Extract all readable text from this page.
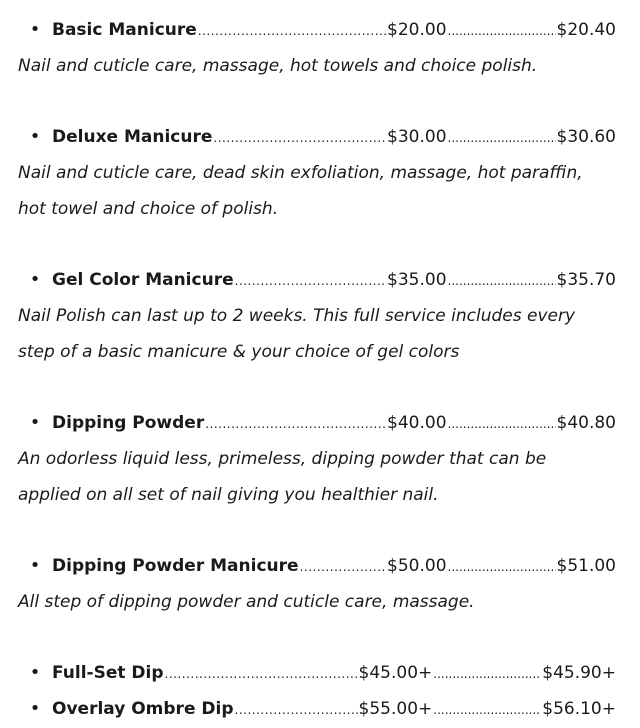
• Basic Manicure .....	$20.00 .....	$20.40

Nail and cuticle care, massage, hot towels and choice polish.

• Deluxe Manicure .....	$30.00 .....	$30.60

Nail and cuticle care, dead skin exfoliation, massage, hot paraffin, hot towel and choice of polish.

• Gel Color Manicure .....	$35.00 .....	$35.70

Nail Polish can last up to 2 weeks. This full service includes every step of a basic manicure & your choice of gel colors

• Dipping Powder .....	$40.00 .....	$40.80

An odorless liquid less, primeless, dipping powder that can be applied on all set of nail giving you healthier nail.

• Dipping Powder Manicure .....	$50.00 .....	$51.00

All step of dipping powder and cuticle care, massage.

• Full-Set Dip .....	$45.00+ .....	$45.90+
• Overlay Ombre Dip .....	$55.00+ .....	$56.10+
